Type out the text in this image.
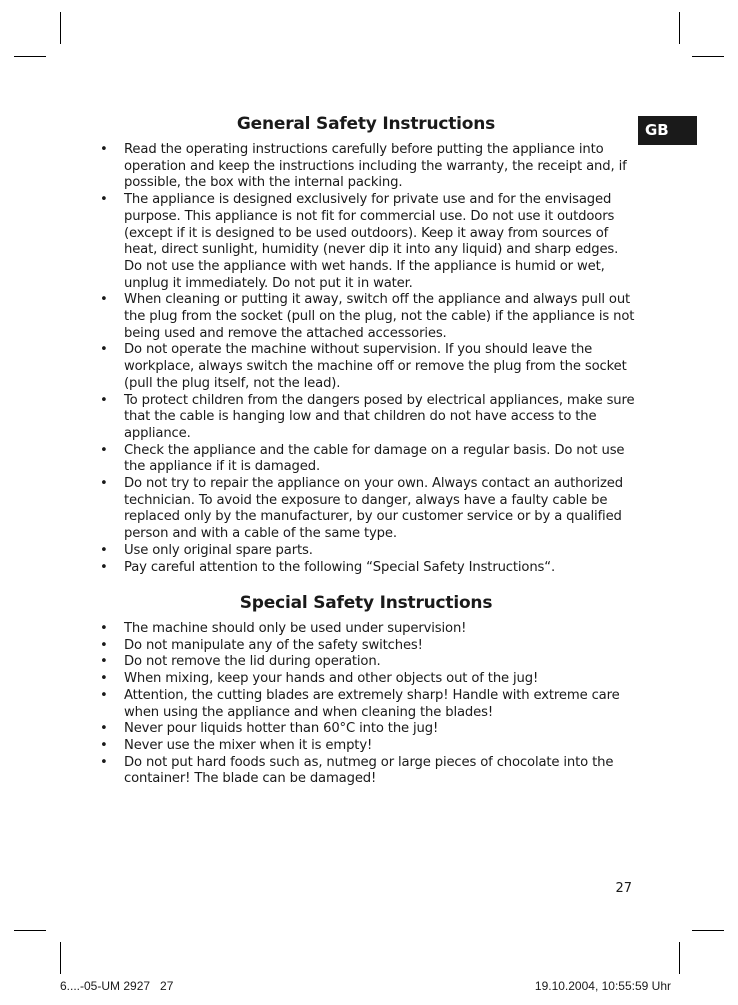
GB
General Safety Instructions
• Read the operating instructions carefully before putting the appliance into operation and keep the instructions including the warranty, the receipt and, if possible, the box with the internal packing.
• The appliance is designed exclusively for private use and for the envisaged purpose. This appliance is not fit for commercial use. Do not use it outdoors (except if it is designed to be used outdoors). Keep it away from sources of heat, direct sunlight, humidity (never dip it into any liquid) and sharp edges. Do not use the appliance with wet hands. If the appliance is humid or wet, unplug it immediately. Do not put it in water.
• When cleaning or putting it away, switch off the appliance and always pull out the plug from the socket (pull on the plug, not the cable) if the appliance is not being used and remove the attached accessories.
• Do not operate the machine without supervision. If you should leave the workplace, always switch the machine off or remove the plug from the socket (pull the plug itself, not the lead).
• To protect children from the dangers posed by electrical appliances, make sure that the cable is hanging low and that children do not have access to the appliance.
• Check the appliance and the cable for damage on a regular basis. Do not use the appliance if it is damaged.
• Do not try to repair the appliance on your own. Always contact an authorized technician. To avoid the exposure to danger, always have a faulty cable be replaced only by the manufacturer, by our customer service or by a qualified person and with a cable of the same type.
• Use only original spare parts.
• Pay careful attention to the following “Special Safety Instructions“.
Special Safety Instructions
• The machine should only be used under supervision!
• Do not manipulate any of the safety switches!
• Do not remove the lid during operation.
• When mixing, keep your hands and other objects out of the jug!
• Attention, the cutting blades are extremely sharp! Handle with extreme care when using the appliance and when cleaning the blades!
• Never pour liquids hotter than 60°C into the jug!
• Never use the mixer when it is empty!
• Do not put hard foods such as, nutmeg or large pieces of chocolate into the container! The blade can be damaged!
27
6....-05-UM 2927   27	19.10.2004, 10:55:59 Uhr
